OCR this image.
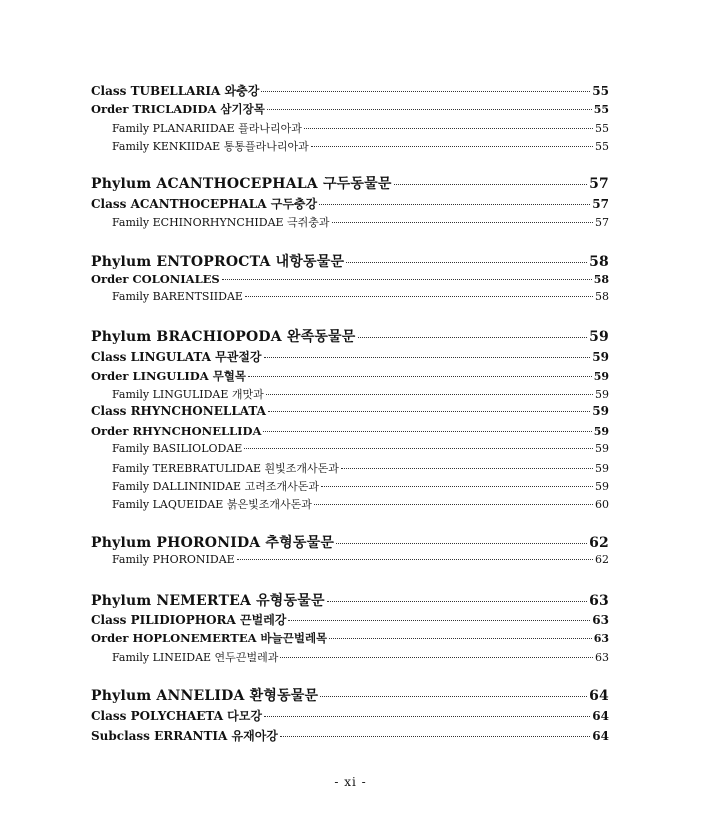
Class TUBELLARIA 와충강	55
Order TRICLADIDA 삼기장목	55
Family PLANARIIDAE 플라나리아과	55
Family KENKIIDAE 통통플라나리아과	55
Phylum ACANTHOCEPHALA 구두동물문	57
Class ACANTHOCEPHALA 구두충강	57
Family ECHINORHYNCHIDAE 극쥐충과	57
Phylum ENTOPROCTA 내항동물문	58
Order COLONIALES	58
Family BARENTSIIDAE	58
Phylum BRACHIOPODA 완족동물문	59
Class LINGULATA 무관절강	59
Order LINGULIDA 무혈목	59
Family LINGULIDAE 개맛과	59
Class RHYNCHONELLATA	59
Order RHYNCHONELLIDA	59
Family BASILIOLODAE	59
Family TEREBRATULIDAE 흰빛조개사돈과	59
Family DALLININIDAE 고려조개사돈과	59
Family LAQUEIDAE 붉은빛조개사돈과	60
Phylum PHORONIDA 추형동물문	62
Family PHORONIDAE	62
Phylum NEMERTEA 유형동물문	63
Class PILIDIOPHORA 끈벌레강	63
Order HOPLONEMERTEA 바늘끈벌레목	63
Family LINEIDAE 연두끈벌레과	63
Phylum ANNELIDA 환형동물문	64
Class POLYCHAETA 다모강	64
Subclass ERRANTIA 유재아강	64
- xi -
